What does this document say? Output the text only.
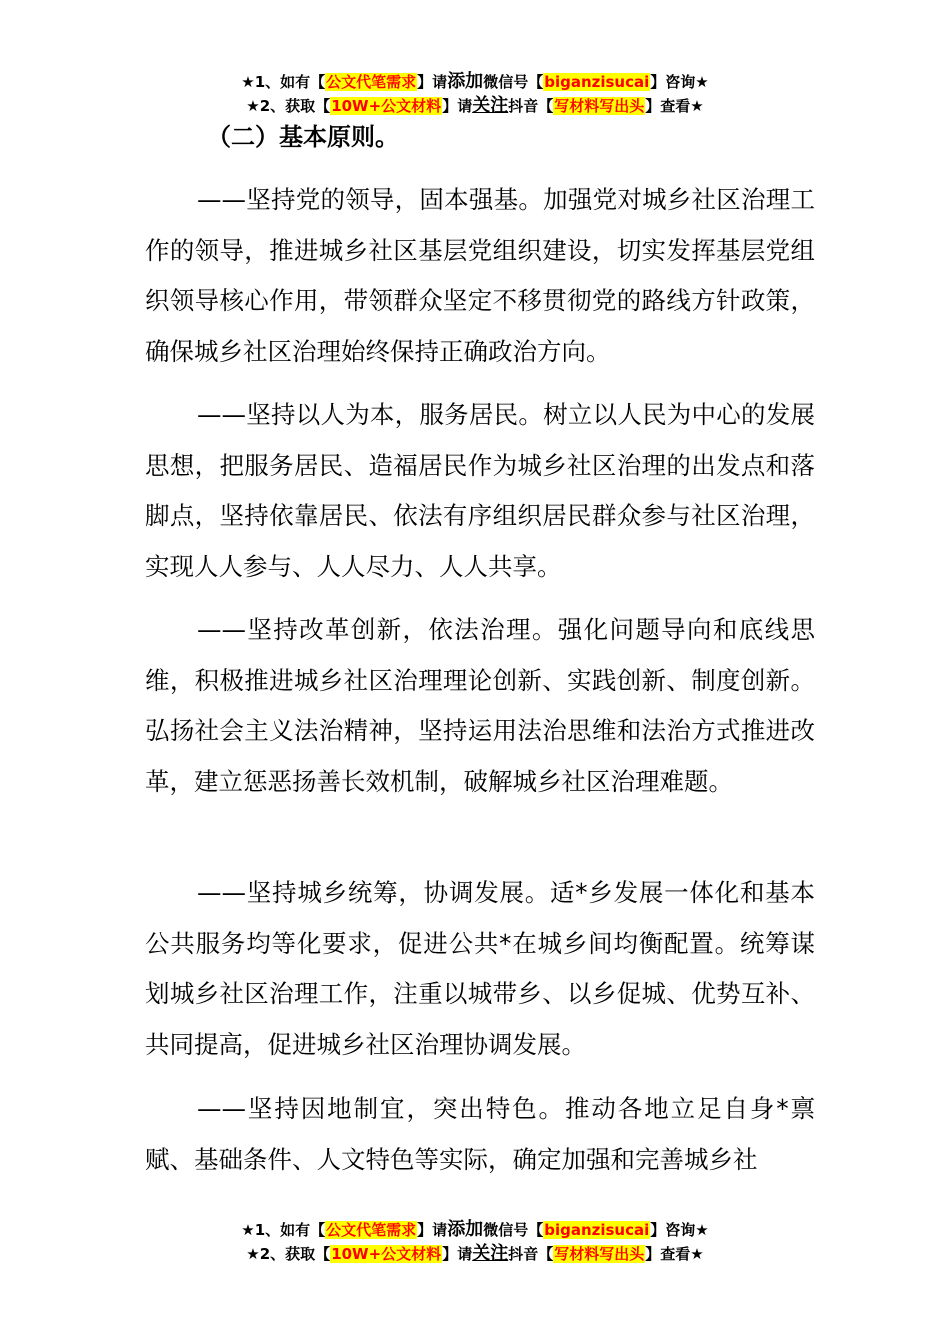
★1、如有【公文代笔需求】请添加微信号【biganzisucai】咨询★
★2、获取【10W+公文材料】请关注抖音【写材料写出头】查看★
（二）基本原则。

——坚持党的领导，固本强基。加强党对城乡社区治理工作的领导，推进城乡社区基层党组织建设，切实发挥基层党组织领导核心作用，带领群众坚定不移贯彻党的路线方针政策，确保城乡社区治理始终保持正确政治方向。

——坚持以人为本，服务居民。树立以人民为中心的发展思想，把服务居民、造福居民作为城乡社区治理的出发点和落脚点，坚持依靠居民、依法有序组织居民群众参与社区治理，实现人人参与、人人尽力、人人共享。

——坚持改革创新，依法治理。强化问题导向和底线思维，积极推进城乡社区治理理论创新、实践创新、制度创新。弘扬社会主义法治精神，坚持运用法治思维和法治方式推进改革，建立惩恶扬善长效机制，破解城乡社区治理难题。

——坚持城乡统筹，协调发展。适*乡发展一体化和基本公共服务均等化要求，促进公共*在城乡间均衡配置。统筹谋划城乡社区治理工作，注重以城带乡、以乡促城、优势互补、共同提高，促进城乡社区治理协调发展。

——坚持因地制宜，突出特色。推动各地立足自身*禀赋、基础条件、人文特色等实际，确定加强和完善城乡社

★1、如有【公文代笔需求】请添加微信号【biganzisucai】咨询★
★2、获取【10W+公文材料】请关注抖音【写材料写出头】查看★
